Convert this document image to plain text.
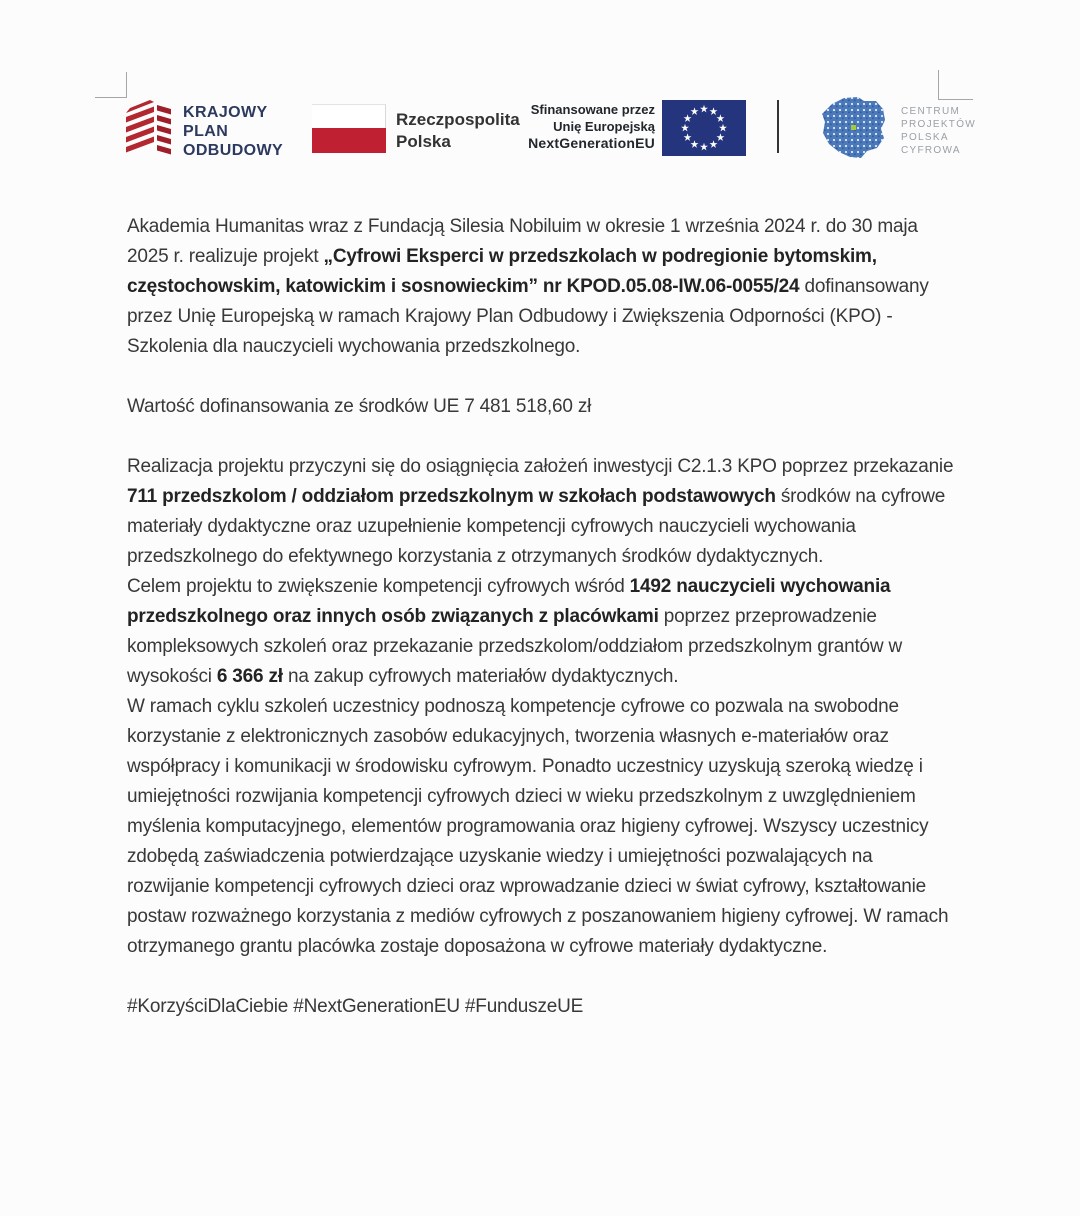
KRAJOWY
PLAN
ODBUDOWY
Rzeczpospolita
Polska
Sfinansowane przez
Unię Europejską
NextGenerationEU
CENTRUM
PROJEKTÓW
POLSKA
CYFROWA

Akademia Humanitas wraz z Fundacją Silesia Nobiluim w okresie 1 września 2024 r. do 30 maja 2025 r. realizuje projekt „Cyfrowi Eksperci w przedszkolach w podregionie bytomskim, częstochowskim, katowickim i sosnowieckim” nr KPOD.05.08-IW.06-0055/24 dofinansowany przez Unię Europejską w ramach Krajowy Plan Odbudowy i Zwiększenia Odporności (KPO) - Szkolenia dla nauczycieli wychowania przedszkolnego.

Wartość dofinansowania ze środków UE 7 481 518,60 zł

Realizacja projektu przyczyni się do osiągnięcia założeń inwestycji C2.1.3 KPO poprzez przekazanie 711 przedszkolom / oddziałom przedszkolnym w szkołach podstawowych środków na cyfrowe materiały dydaktyczne oraz uzupełnienie kompetencji cyfrowych nauczycieli wychowania przedszkolnego do efektywnego korzystania z otrzymanych środków dydaktycznych.

Celem projektu to zwiększenie kompetencji cyfrowych wśród 1492 nauczycieli wychowania przedszkolnego oraz innych osób związanych z placówkami poprzez przeprowadzenie kompleksowych szkoleń oraz przekazanie przedszkolom/oddziałom przedszkolnym grantów w wysokości 6 366 zł na zakup cyfrowych materiałów dydaktycznych.

W ramach cyklu szkoleń uczestnicy podnoszą kompetencje cyfrowe co pozwala na swobodne korzystanie z elektronicznych zasobów edukacyjnych, tworzenia własnych e-materiałów oraz współpracy i komunikacji w środowisku cyfrowym. Ponadto uczestnicy uzyskują szeroką wiedzę i umiejętności rozwijania kompetencji cyfrowych dzieci w wieku przedszkolnym z uwzględnieniem myślenia komputacyjnego, elementów programowania oraz higieny cyfrowej. Wszyscy uczestnicy zdobędą zaświadczenia potwierdzające uzyskanie wiedzy i umiejętności pozwalających na rozwijanie kompetencji cyfrowych dzieci oraz wprowadzanie dzieci w świat cyfrowy, kształtowanie postaw rozważnego korzystania z mediów cyfrowych z poszanowaniem higieny cyfrowej. W ramach otrzymanego grantu placówka zostaje doposażona w cyfrowe materiały dydaktyczne.

#KorzyściDlaCiebie #NextGenerationEU #FunduszeUE
